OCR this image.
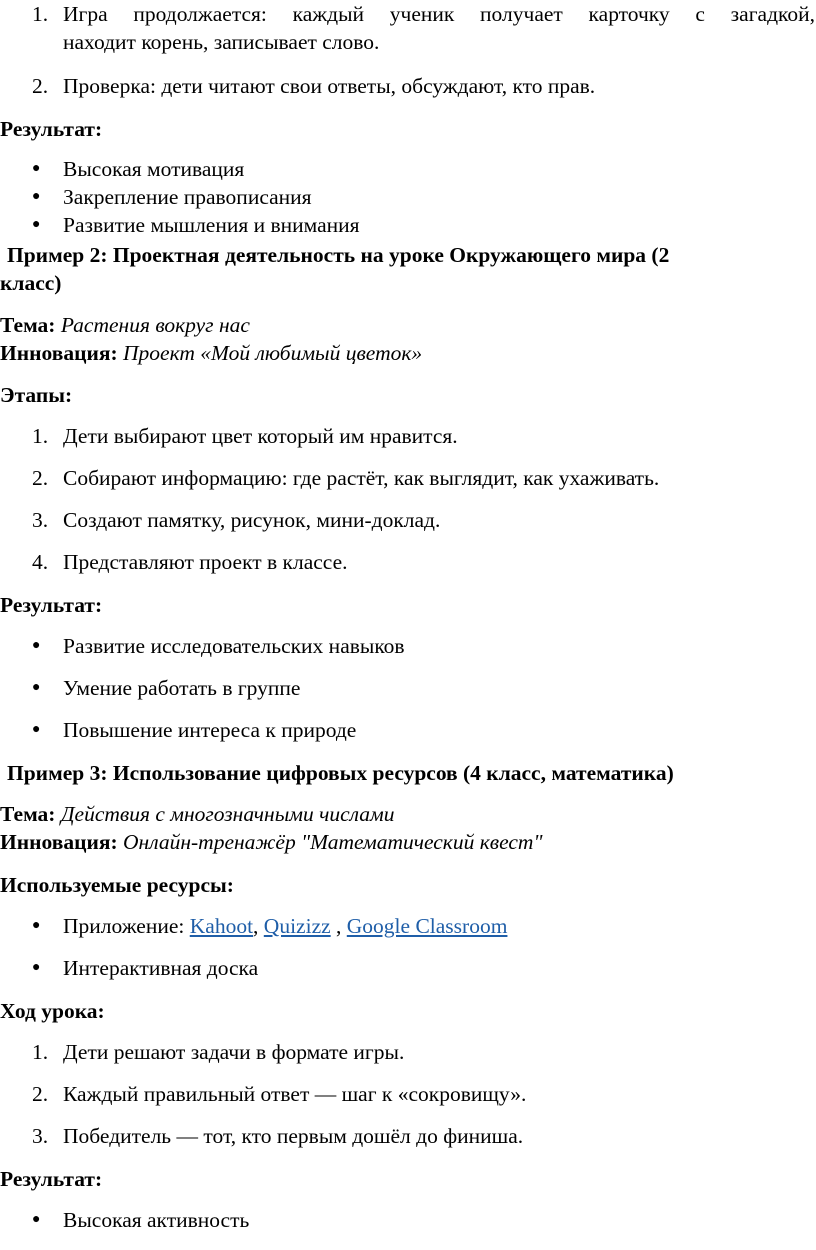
1. Игра продолжается: каждый ученик получает карточку с загадкой,
находит корень, записывает слово.
2. Проверка: дети читают свои ответы, обсуждают, кто прав.
Результат:
● Высокая мотивация
● Закрепление правописания
● Развитие мышления и внимания
Пример 2: Проектная деятельность на уроке Окружающего мира (2
класс)
Тема: Растения вокруг нас
Инновация: Проект «Мой любимый цветок»
Этапы:
1. Дети выбирают цвет который им нравится.
2. Собирают информацию: где растёт, как выглядит, как ухаживать.
3. Создают памятку, рисунок, мини-доклад.
4. Представляют проект в классе.
Результат:
● Развитие исследовательских навыков
● Умение работать в группе
● Повышение интереса к природе
Пример 3: Использование цифровых ресурсов (4 класс, математика)
Тема: Действия с многозначными числами
Инновация: Онлайн-тренажёр "Математический квест"
Используемые ресурсы:
● Приложение: Kahoot, Quizizz , Google Classroom
● Интерактивная доска
Ход урока:
1. Дети решают задачи в формате игры.
2. Каждый правильный ответ — шаг к «сокровищу».
3. Победитель — тот, кто первым дошёл до финиша.
Результат:
● Высокая активность
